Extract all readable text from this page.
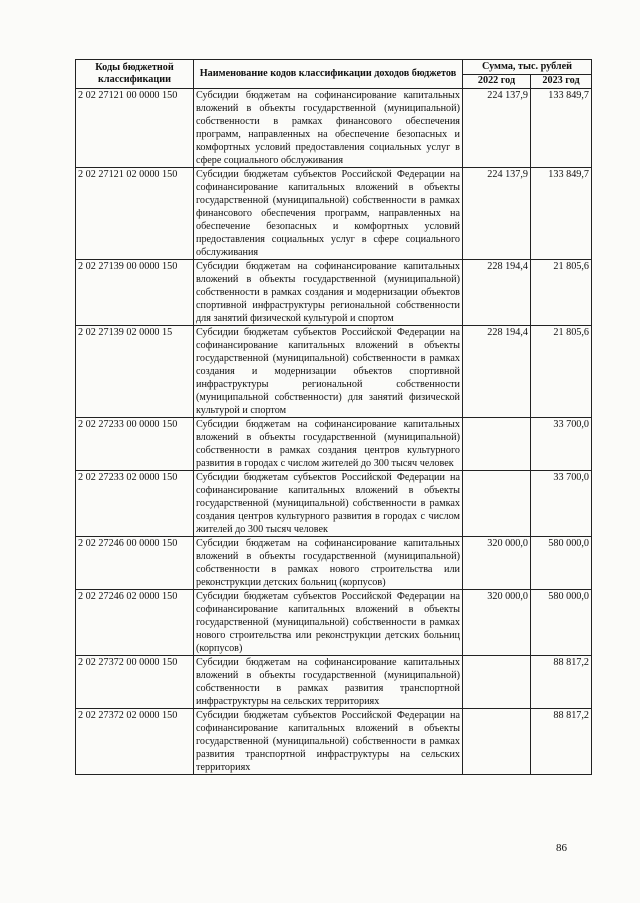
Коды бюджетной классификации	Наименование кодов классификации доходов бюджетов	Сумма, тыс. рублей	
		2022 год	2023 год
2 02 27121 00 0000 150	Субсидии бюджетам на софинансирование капитальных вложений в объекты государственной (муниципальной) собственности в рамках финансового обеспечения программ, направленных на обеспечение безопасных и комфортных условий предоставления социальных услуг в сфере социального обслуживания	224 137,9	133 849,7
2 02 27121 02 0000 150	Субсидии бюджетам субъектов Российской Федерации на софинансирование капитальных вложений в объекты государственной (муниципальной) собственности в рамках финансового обеспечения программ, направленных на обеспечение безопасных и комфортных условий предоставления социальных услуг в сфере социального обслуживания	224 137,9	133 849,7
2 02 27139 00 0000 150	Субсидии бюджетам на софинансирование капитальных вложений в объекты государственной (муниципальной) собственности в рамках создания и модернизации объектов спортивной инфраструктуры региональной собственности для занятий физической культурой и спортом	228 194,4	21 805,6
2 02 27139 02 0000 15	Субсидии бюджетам субъектов Российской Федерации на софинансирование капитальных вложений в объекты государственной (муниципальной) собственности в рамках создания и модернизации объектов спортивной инфраструктуры региональной собственности (муниципальной собственности) для занятий физической культурой и спортом	228 194,4	21 805,6
2 02 27233 00 0000 150	Субсидии бюджетам на софинансирование капитальных вложений в объекты государственной (муниципальной) собственности в рамках создания центров культурного развития в городах с числом жителей до 300 тысяч человек		33 700,0
2 02 27233 02 0000 150	Субсидии бюджетам субъектов Российской Федерации на софинансирование капитальных вложений в объекты государственной (муниципальной) собственности в рамках создания центров культурного развития в городах с числом жителей до 300 тысяч человек		33 700,0
2 02 27246 00 0000 150	Субсидии бюджетам на софинансирование капитальных вложений в объекты государственной (муниципальной) собственности в рамках нового строительства или реконструкции детских больниц (корпусов)	320 000,0	580 000,0
2 02 27246 02 0000 150	Субсидии бюджетам субъектов Российской Федерации на софинансирование капитальных вложений в объекты государственной (муниципальной) собственности в рамках нового строительства или реконструкции детских больниц (корпусов)	320 000,0	580 000,0
2 02 27372 00 0000 150	Субсидии бюджетам на софинансирование капитальных вложений в объекты государственной (муниципальной) собственности в рамках развития транспортной инфраструктуры на сельских территориях		88 817,2
2 02 27372 02 0000 150	Субсидии бюджетам субъектов Российской Федерации на софинансирование капитальных вложений в объекты государственной (муниципальной) собственности в рамках развития транспортной инфраструктуры на сельских территориях		88 817,2
86
